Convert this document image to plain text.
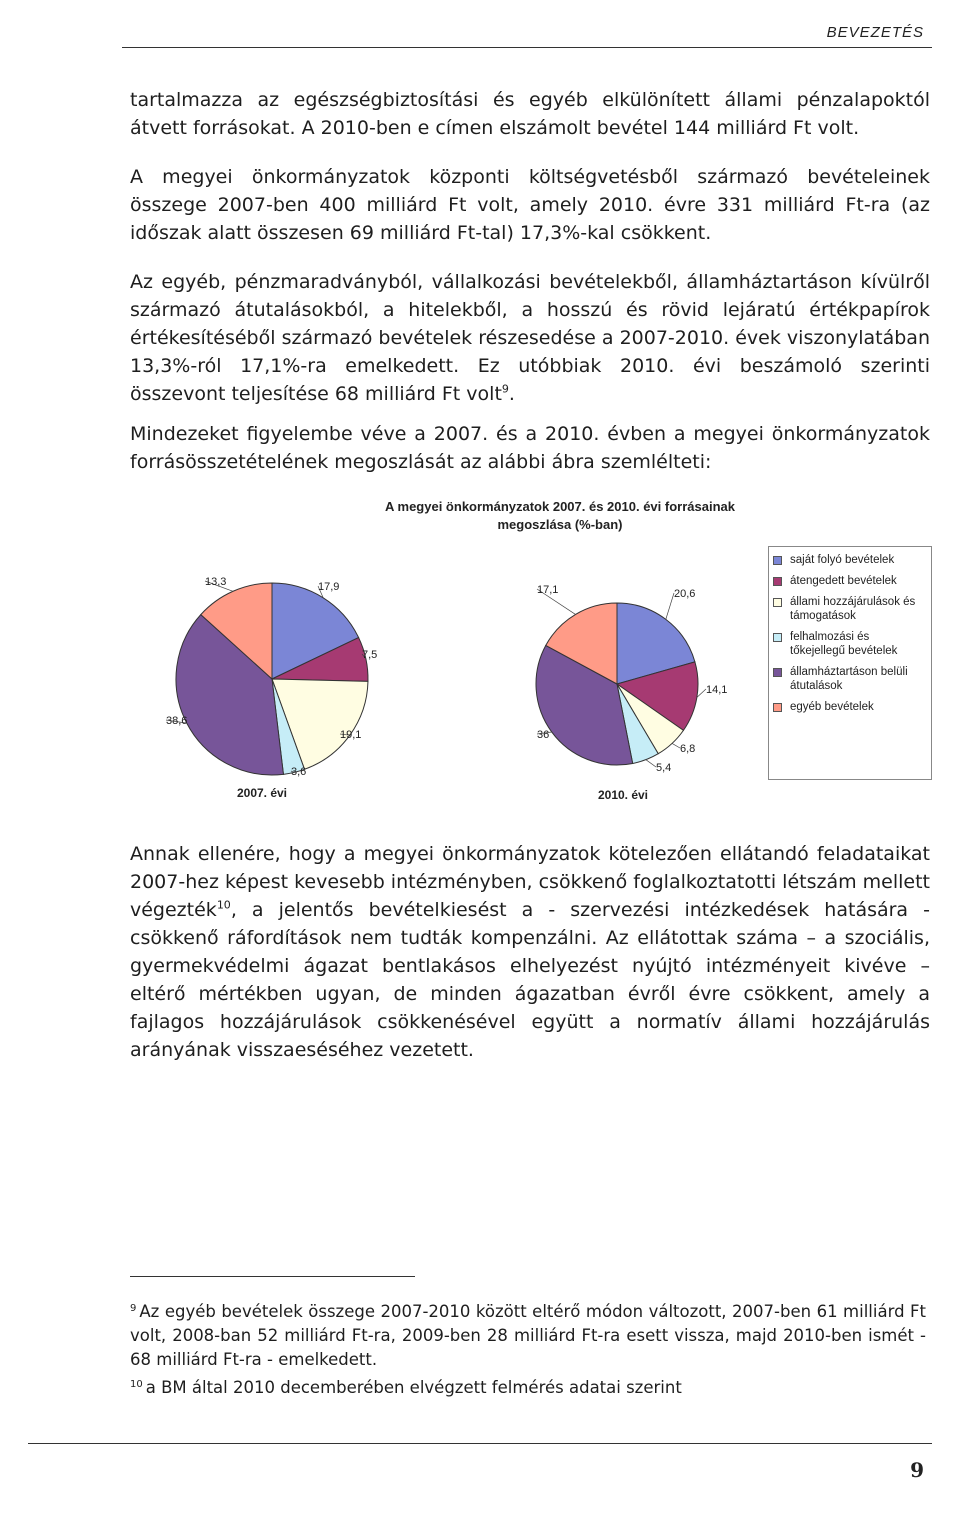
BEVEZETÉS

tartalmazza az egészségbiztosítási és egyéb elkülönített állami pénzalapoktól átvett forrásokat. A 2010-ben e címen elszámolt bevétel 144 milliárd Ft volt.

A megyei önkormányzatok központi költségvetésből származó bevételeinek összege 2007-ben 400 milliárd Ft volt, amely 2010. évre 331 milliárd Ft-ra (az időszak alatt összesen 69 milliárd Ft-tal) 17,3%-kal csökkent.

Az egyéb, pénzmaradványból, vállalkozási bevételekből, államháztartáson kívülről származó átutalásokból, a hitelekből, a hosszú és rövid lejáratú értékpapírok értékesítéséből származó bevételek részesedése a 2007-2010. évek viszonylatában 13,3%-ról 17,1%-ra emelkedett. Ez utóbbiak 2010. évi beszámoló szerinti összevont teljesítése 68 milliárd Ft volt$^9$.

Mindezeket figyelembe véve a 2007. és a 2010. évben a megyei önkormányzatok forrásösszetételének megoszlását az alábbi ábra szemlélteti:

A megyei önkormányzatok 2007. és 2010. évi forrásainak megoszlása (%-ban)
17,9
7,5
19,1
3,6
38,6
13,3
2007. évi
20,6
14,1
6,8
5,4
36
17,1
2010. évi
saját folyó bevételek
átengedett bevételek
állami hozzájárulások és támogatások
felhalmozási és tőkejellegű bevételek
államháztartáson belüli átutalások
egyéb bevételek

Annak ellenére, hogy a megyei önkormányzatok kötelezően ellátandó feladataikat 2007-hez képest kevesebb intézményben, csökkenő foglalkoztatotti létszám mellett végezték$^{10}$, a jelentős bevételkiesést a - szervezési intézkedések hatására - csökkenő ráfordítások nem tudták kompenzálni. Az ellátottak száma – a szociális, gyermekvédelmi ágazat bentlakásos elhelyezést nyújtó intézményeit kivéve – eltérő mértékben ugyan, de minden ágazatban évről évre csökkent, amely a fajlagos hozzájárulások csökkenésével együtt a normatív állami hozzájárulás arányának visszaeséséhez vezetett.

$^9$ Az egyéb bevételek összege 2007-2010 között eltérő módon változott, 2007-ben 61 milliárd Ft volt, 2008-ban 52 milliárd Ft-ra, 2009-ben 28 milliárd Ft-ra esett vissza, majd 2010-ben ismét - 68 milliárd Ft-ra - emelkedett.

$^{10}$ a BM által 2010 decemberében elvégzett felmérés adatai szerint

9
